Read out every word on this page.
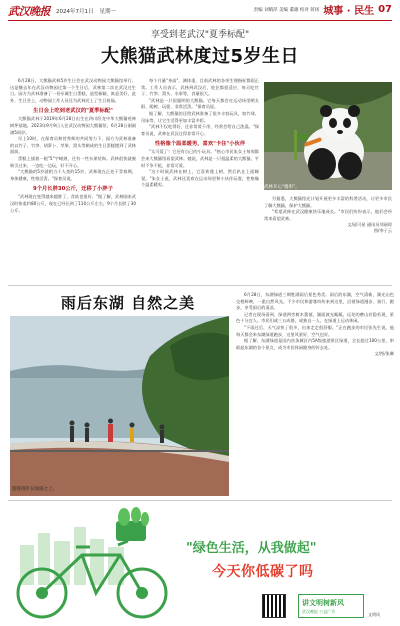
武汉晚报 2024年7月1日 星期一	责编 刘晴萍 美编 董雄 校对 蒋扬 城事 · 民生 07
享受到老武汉"夏季标配"
大熊猫武林度过5岁生日

6月28日，大熊猫武林5岁生日会在武汉动物园大熊猫馆举行。这是继去年在武汉动物园过第一个生日后，武林第二次在武汉过生日。园方为武林准备了一份专属生日蛋糕，造型新颖、寓意美好，此外，生日会上，动物园工作人员还为武林送上了生日祝福。

生日会上吃到老武汉的"夏季标配"

大熊猫武林于2019年6月28日出生在四川卧龙中华大熊猫苑神树坪基地，2023年9月9日入住武汉动物园大熊猫馆，6月28日刚刚满5周岁。

早上10时，在保育员和营养师的共同努力下，园方为武林准备的以竹子、竹笋、胡萝卜、苹果、窝头等制成的生日蛋糕摆到了武林面前。

蛋糕上插着一根"5"字蜡烛，还有一些水果装饰。武林很快就被吸引过来，一边吃一边玩，好不开心。

"大熊猫的5岁就相当于人类的15岁，武林现在正处于青春期，身体健康，性格活泼。"保育员说。

9个月长胖30公斤，迁移了小胖子

"武林现在变得越来越胖了，食欲也很好。"据了解，武林刚来武汉时体重约80公斤，现在已经长到了110公斤左右，9个月长胖了30公斤。

每个月量"身高"，测体重，目前武林的各项生理指标都很正常。工作人员表示，武林到武汉后，吃住都很适应，每天吃竹子、竹笋、窝头、水果等，食量很大。

"武林是一只很聪明的大熊猫，它每天都会在运动场里晒太阳、爬树、玩耍，非常活泼。"保育员说。

据了解，大熊猫馆还给武林准备了很多丰容玩具，如竹球、吊床等，让它生活得更加丰富多彩。

"武林不仅吃得好，还非常爱干净，经常会给自己洗澡。"保育员说，武林在武汉过得非常开心。

性格像个温柔暖男，喜欢"卡住"小伙伴

"太可爱了！它还有自己的小玩具。"热心市民朱女士每周都会来大熊猫馆看望武林。她说，武林是一只很温柔的大熊猫，平时不争不抢，非常可爱。

"这个时候武林在树上，它喜欢爬上树，然后趴在上面睡觉。"朱女士说，武林还喜欢在运动场里和小伙伴玩耍，性格像个温柔暖男。

武林开心"撸串"。

另据悉，大熊猫馆还计划开展更多丰富的科普活动，让更多市民了解大熊猫，保护大熊猫。

"希望武林在武汉健康快乐地成长。"市民们纷纷表示，他们会经常来看望武林。

文/邱可星 通讯员刘丽琼

图/李子云

雨后东湖 自然之美
游客漫步在绿道之上。

6月28日，东湖绿道三期胜湖雨后景色秀美。雨后的东湖，空气清新，湖光山色交相辉映，一派自然风光。不少市民和游客纷纷来到这里，沿着绿道漫步、骑行、跑步，享受雨后的清凉。

记者在现场看到，绿道两旁树木葱郁，湖面波光粼粼，远处的磨山若隐若现，景色十分宜人。市民们或三五成群，或独自一人，在绿道上运动休闲。

"下雨过后，天气凉快了很多，出来走走很舒服。"正在跑步的市民张先生说，他每天都会来东湖绿道跑步，这里风景好，空气也好。

据了解，东湖绿道是国内首条城区内5A级旅游景区绿道，全长超过100公里，串联起东湖的各个景点，成为市民休闲健身的好去处。

文/图/张琳

"绿色生活，从我做起"
今天你低碳了吗
讲文明树新风
武汉晚报 公益广告
文明风
